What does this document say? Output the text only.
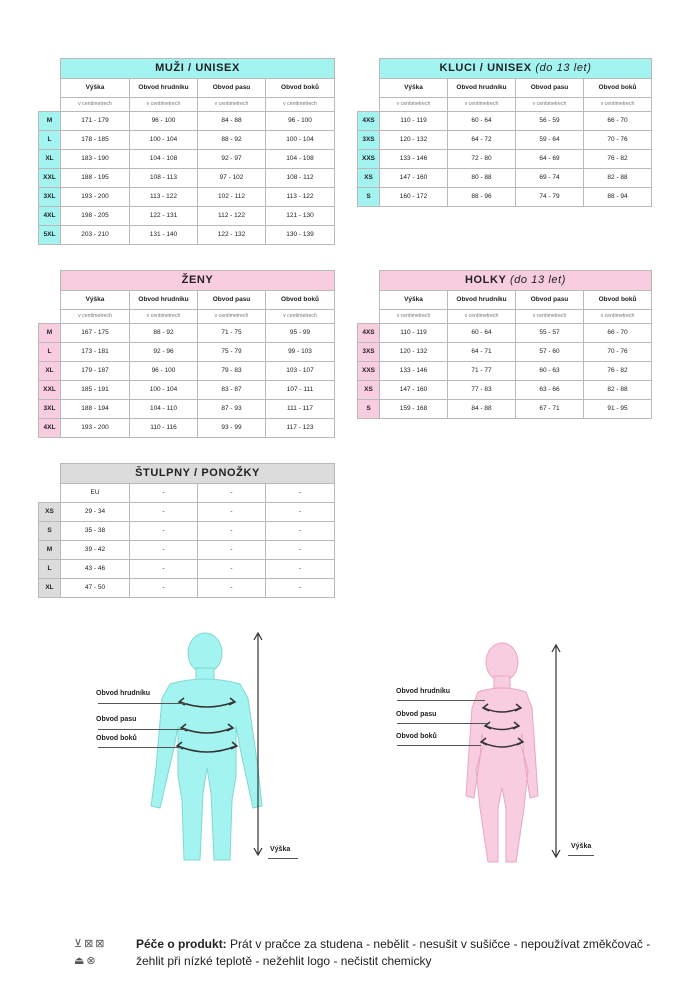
	MUŽI / UNISEX			
	Výška	Obvod hrudníku	Obvod pasu	Obvod boků
	v centimetrech	v centimetrech	v centimetrech	v centimetrech
M	171 - 179	96 - 100	84 - 88	96 - 100
L	178 - 185	100 - 104	88 - 92	100 - 104
XL	183 - 190	104 - 108	92 - 97	104 - 108
XXL	188 - 195	108 - 113	97 - 102	108 - 112
3XL	193 - 200	113 - 122	102 - 112	113 - 122
4XL	198 - 205	122 - 131	112 - 122	121 - 130
5XL	203 - 210	131 - 140	122 - 132	130 - 139
	KLUCI / UNISEX (do 13 let)			
	Výška	Obvod hrudníku	Obvod pasu	Obvod boků
	v centimetrech	v centimetrech	v centimetrech	v centimetrech
4XS	110 - 119	60 - 64	56 - 59	66 - 70
3XS	120 - 132	64 - 72	59 - 64	70 - 76
XXS	133 - 146	72 - 80	64 - 69	76 - 82
XS	147 - 160	80 - 88	69 - 74	82 - 88
S	160 - 172	88 - 96	74 - 79	88 - 94
	ŽENY			
	Výška	Obvod hrudníku	Obvod pasu	Obvod boků
	v centimetrech	v centimetrech	v centimetrech	v centimetrech
M	167 - 175	88 - 92	71 - 75	95 - 99
L	173 - 181	92 - 96	75 - 79	99 - 103
XL	179 - 187	96 - 100	79 - 83	103 - 107
XXL	185 - 191	100 - 104	83 - 87	107 - 111
3XL	188 - 194	104 - 110	87 - 93	111 - 117
4XL	193 - 200	110 - 116	93 - 99	117 - 123
	HOLKY (do 13 let)			
	Výška	Obvod hrudníku	Obvod pasu	Obvod boků
	v centimetrech	v centimetrech	v centimetrech	v centimetrech
4XS	110 - 119	60 - 64	55 - 57	66 - 70
3XS	120 - 132	64 - 71	57 - 60	70 - 76
XXS	133 - 146	71 - 77	60 - 63	76 - 82
XS	147 - 160	77 - 83	63 - 66	82 - 88
S	159 - 168	84 - 88	67 - 71	91 - 95
	ŠTULPNY / PONOŽKY			
	EU	-	-	-
XS	29 - 34	-	-	-
S	35 - 38	-	-	-
M	39 - 42	-	-	-
L	43 - 46	-	-	-
XL	47 - 50	-	-	-
Obvod hrudníku
Obvod pasu
Obvod boků
Výška
Obvod hrudníku
Obvod pasu
Obvod boků
Výška
⊻⊠⊠
⏏⊗
Péče o produkt: Prát v pračce za studena - nebělit - nesušit v sušičce - nepoužívat změkčovač - žehlit při nízké teplotě - nežehlit logo - nečistit chemicky
